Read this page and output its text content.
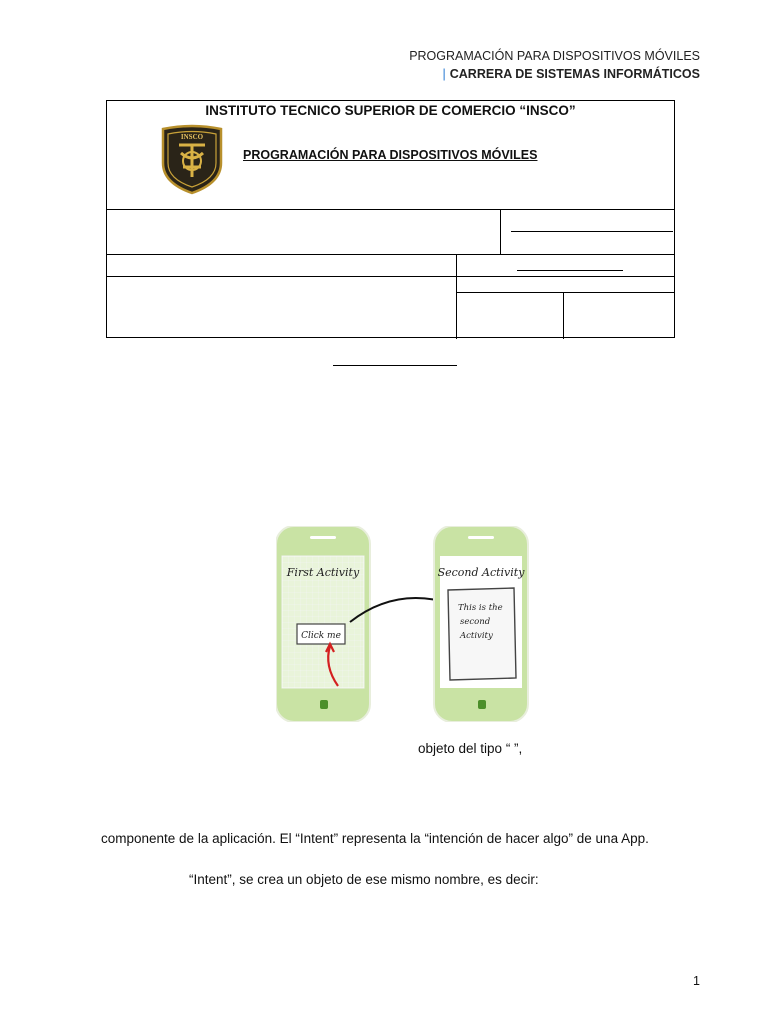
PROGRAMACIÓN PARA DISPOSITIVOS MÓVILES
| CARRERA DE SISTEMAS INFORMÁTICOS
INSTITUTO TECNICO SUPERIOR DE COMERCIO “INSCO”
INSCO
PROGRAMACIÓN PARA DISPOSITIVOS MÓVILES
First Activity
Click me
Second Activity
This is the
second
Activity
objeto del tipo “ ”,
componente de la aplicación. El “Intent” representa la “intención de hacer algo” de una App.
“Intent”, se crea un objeto de ese mismo nombre, es decir:
1
